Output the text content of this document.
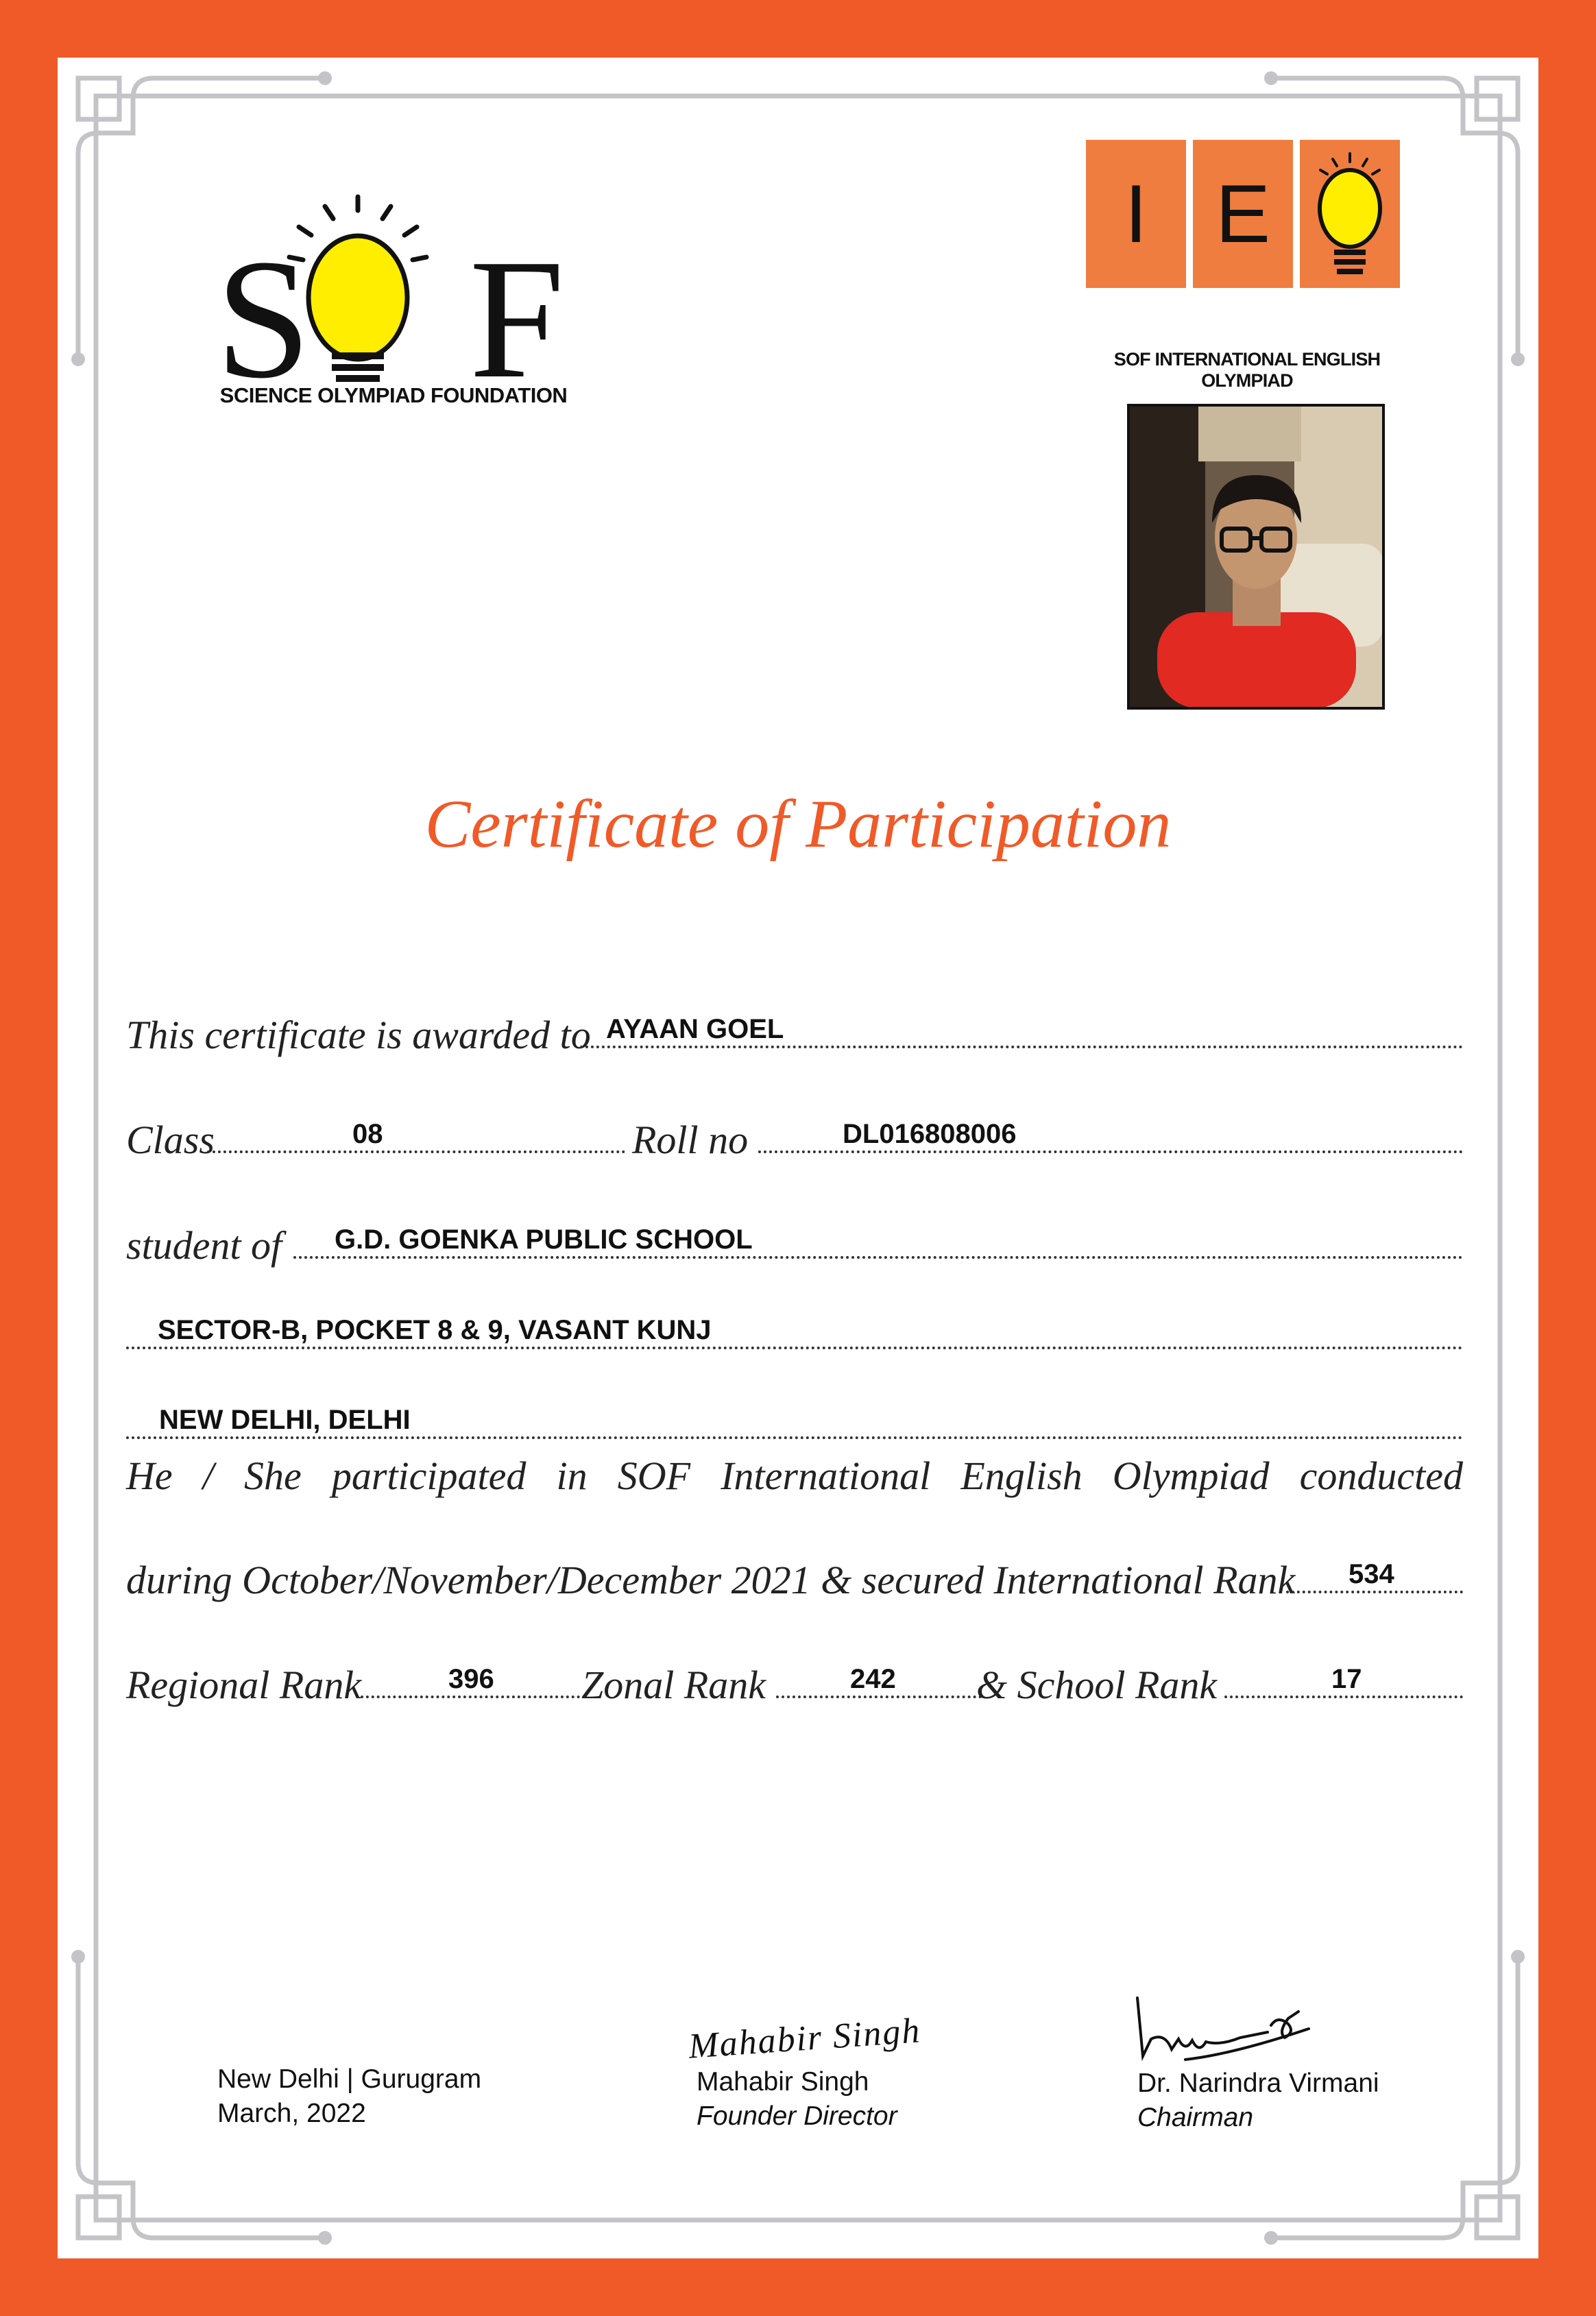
S F
SCIENCE OLYMPIAD FOUNDATION
I E
SOF INTERNATIONAL ENGLISH OLYMPIAD
Certificate of Participation
This certificate is awarded to AYAAN GOEL
Class	08	Roll no	DL016808006
student of G.D. GOENKA PUBLIC SCHOOL
SECTOR-B, POCKET 8 & 9, VASANT KUNJ
NEW DELHI, DELHI
He / She participated in SOF International English Olympiad conducted
during October/November/December 2021 & secured International Rank 534
Regional Rank	396 Zonal Rank	242 & School Rank	17
New Delhi | Gurugram
March, 2022
Mahabir Singh
Mahabir Singh
Founder Director
Dr. Narindra Virmani
Chairman
